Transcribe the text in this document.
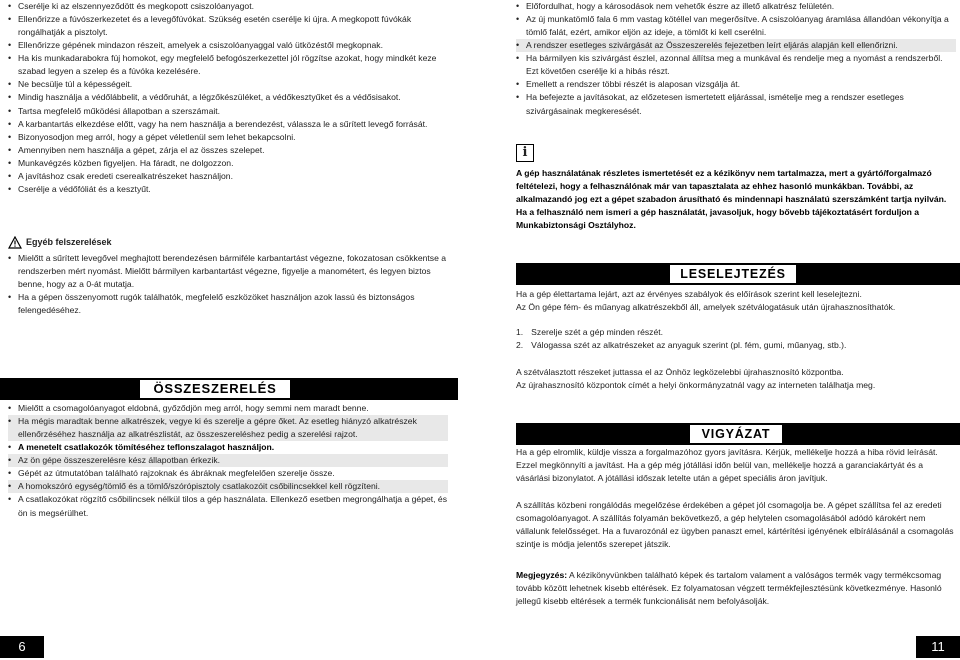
• Cserélje ki az elszennyeződött és megkopott csiszolóanyagot.
• Ellenőrizze a fúvószerkezetet és a levegőfúvókat. Szükség esetén cserélje ki újra. A megkopott fúvókák rongálhatják a pisztolyt.
• Ellenőrizze gépének mindazon részeit, amelyek a csiszolóanyaggal való ütközéstől megkopnak.
• Ha kis munkadarabokra fúj homokot, egy megfelelő befogószerkezettel jól rögzítse azokat, hogy mindkét keze szabad legyen a szelep és a fúvóka kezelésére.
• Ne becsülje túl a képességeit.
• Mindig használja a védőlábbelit, a védőruhát, a légzőkészüléket, a védőkesztyűket és a védősisakot.
• Tartsa megfelelő működési állapotban a szerszámait.
• A karbantartás elkezdése előtt, vagy ha nem használja a berendezést, válassza le a sűrített levegő forrását.
• Bizonyosodjon meg arról, hogy a gépet véletlenül sem lehet bekapcsolni.
• Amennyiben nem használja a gépet, zárja el az összes szelepet.
• Munkavégzés közben figyeljen. Ha fáradt, ne dolgozzon.
• A javításhoz csak eredeti cserealkatrészeket használjon.
• Cserélje a védőfóliát és a kesztyűt.
Egyéb felszerelések
• Mielőtt a sűrített levegővel meghajtott berendezésen bármiféle karbantartást végezne, fokozatosan csökkentse a rendszerben mért nyomást. Mielőtt bármilyen karbantartást végezne, figyelje a manométert, és legyen biztos benne, hogy az a 0-át mutatja.
• Ha a gépen összenyomott rugók találhatók, megfelelő eszközöket használjon azok lassú és biztonságos felengedéséhez.
ÖSSZESZERELÉS
• Mielőtt a csomagolóanyagot eldobná, győződjön meg arról, hogy semmi nem maradt benne.
• Ha mégis maradtak benne alkatrészek, vegye ki és szerelje a gépre őket. Az esetleg hiányzó alkatrészek ellenőrzéséhez használja az alkatrészlistát, az összeszereléshez pedig a szerelési rajzot.
• A menetelt csatlakozók tömítéséhez teflonszalagot használjon.
• Az ön gépe összeszerelésre kész állapotban érkezik.
• Gépét az útmutatóban található rajzoknak és ábráknak megfelelően szerelje össze.
• A homokszóró egység/tömlő és a tömlő/szórópisztoly csatlakozóit csőbilincsekkel kell rögzíteni.
• A csatlakozókat rögzítő csőbilincsek nélkül tilos a gép használata. Ellenkező esetben megrongálhatja a gépet, és ön is megsérülhet.
• Előfordulhat, hogy a károsodások nem vehetők észre az illető alkatrész felületén.
• Az új munkatömlő fala 6 mm vastag kötéllel van megerősítve. A csiszolóanyag áramlása állandóan vékonyítja a tömlő falát, ezért, amikor eljön az ideje, a tömlőt ki kell cserélni.
• A rendszer esetleges szivárgását az Összeszerelés fejezetben leírt eljárás alapján kell ellenőrizni.
• Ha bármilyen kis szivárgást észlel, azonnal állítsa meg a munkával és rendelje meg a nyomást a rendszerből. Ezt követően cserélje ki a hibás részt.
• Emellett a rendszer többi részét is alaposan vizsgálja át.
• Ha befejezte a javításokat, az előzetesen ismertetett eljárással, ismételje meg a rendszer esetleges szivárgásainak megkeresését.
i
A gép használatának részletes ismertetését ez a kézikönyv nem tartalmazza, mert a gyártó/forgalmazó feltételezi, hogy a felhasználónak már van tapasztalata az ehhez hasonló munkákban. További, az alkalmazandó jog ezt a gépet szabadon árusítható és mindennapi használatú szerszámként tartja nyilván. Ha a felhasználó nem ismeri a gép használatát, javasoljuk, hogy bővebb tájékoztatásért forduljon a Munkabiztonsági Osztályhoz.
LESELEJTEZÉS

Ha a gép élettartama lejárt, azt az érvényes szabályok és előírások szerint kell leselejtezni.

Az Ön gépe fém- és műanyag alkatrészekből áll, amelyek szétválogatásuk után újrahasznosíthatók.

1. Szerelje szét a gép minden részét.
2. Válogassa szét az alkatrészeket az anyaguk szerint (pl. fém, gumi, műanyag, stb.).

A szétválasztott részeket juttassa el az Önhöz legközelebbi újrahasznosító központba.

Az újrahasznosító központok címét a helyi önkormányzatnál vagy az interneten találhatja meg.

VIGYÁZAT
Ha a gép elromlik, küldje vissza a forgalmazóhoz gyors javításra. Kérjük, mellékelje hozzá a hiba rövid leírását. Ezzel megkönnyíti a javítást. Ha a gép még jótállási időn belül van, mellékelje hozzá a garanciakártyát és a vásárlási bizonylatot. A jótállási időszak letelte után a gépet speciális áron javítjuk.
A szállítás közbeni rongálódás megelőzése érdekében a gépet jól csomagolja be. A gépet szállítsa fel az eredeti csomagolóanyagot. A szállítás folyamán bekövetkező, a gép helytelen csomagolásából adódó károkért nem vállalunk felelősséget. Ha a fuvarozónál ez ügyben panaszt emel, kártérítési igényének elbírálásánál a csomagolás szintje is módja jelentős szerepet játszik.
Megjegyzés: A kézikönyvünkben található képek és tartalom valament a valóságos termék vagy termékcsomag tovább között lehetnek kisebb eltérések. Ez folyamatosan végzett termékfejlesztésünk következménye. Hasonló jellegű kisebb eltérések a termék funkcionálisát nem befolyásolják.
6	11
